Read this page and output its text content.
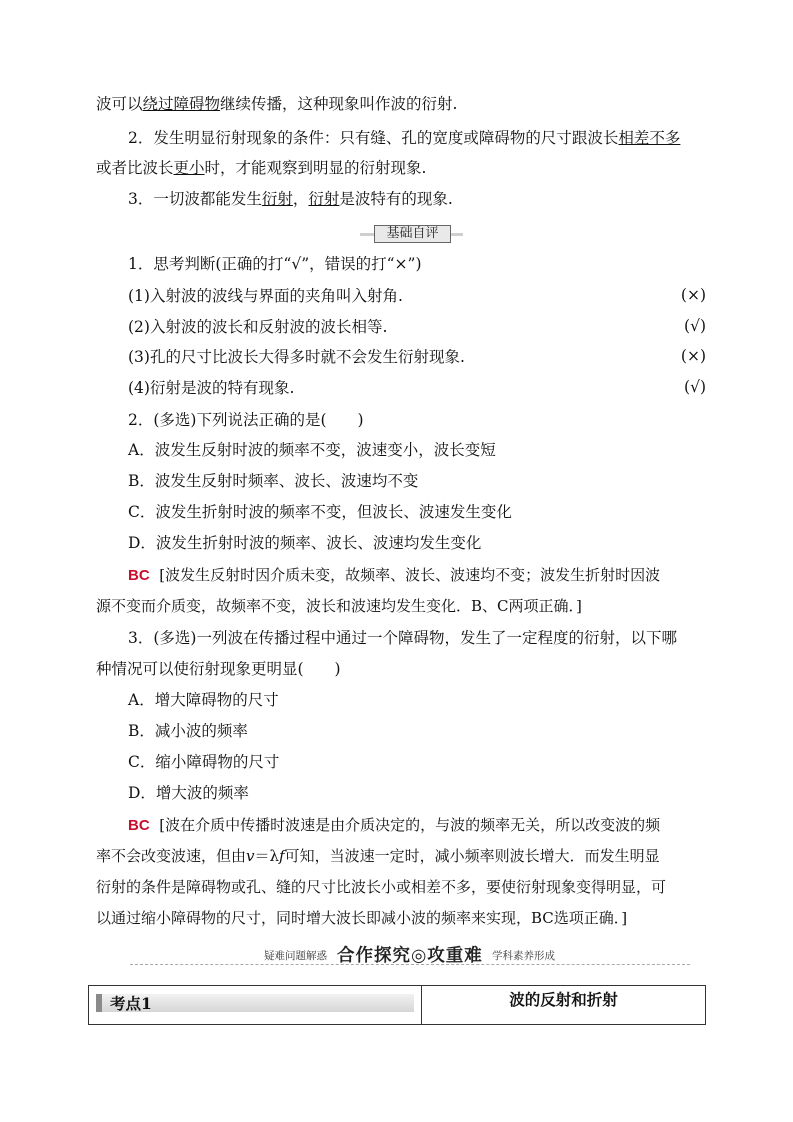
波可以绕过障碍物继续传播，这种现象叫作波的衍射.
2．发生明显衍射现象的条件：只有缝、孔的宽度或障碍物的尺寸跟波长相差不多
或者比波长更小时，才能观察到明显的衍射现象.
3．一切波都能发生衍射，衍射是波特有的现象.
基础自评
1．思考判断(正确的打“√”，错误的打“×”)
(1)入射波的波线与界面的夹角叫入射角.	(×)
(2)入射波的波长和反射波的波长相等.	(√)
(3)孔的尺寸比波长大得多时就不会发生衍射现象.	(×)
(4)衍射是波的特有现象.	(√)
2．(多选)下列说法正确的是(　　)
A．波发生反射时波的频率不变，波速变小，波长变短
B．波发生反射时频率、波长、波速均不变
C．波发生折射时波的频率不变，但波长、波速发生变化
D．波发生折射时波的频率、波长、波速均发生变化
BC [波发生反射时因介质未变，故频率、波长、波速均不变；波发生折射时因波
源不变而介质变，故频率不变，波长和波速均发生变化．B、C两项正确．]
3．(多选)一列波在传播过程中通过一个障碍物，发生了一定程度的衍射，以下哪
种情况可以使衍射现象更明显(　　)
A．增大障碍物的尺寸
B．减小波的频率
C．缩小障碍物的尺寸
D．增大波的频率
BC [波在介质中传播时波速是由介质决定的，与波的频率无关，所以改变波的频
率不会改变波速，但由v＝λf可知，当波速一定时，减小频率则波长增大．而发生明显
衍射的条件是障碍物或孔、缝的尺寸比波长小或相差不多，要使衍射现象变得明显，可
以通过缩小障碍物的尺寸，同时增大波长即减小波的频率来实现，BC选项正确．]
疑难问题解惑 合作探究◎攻重难 学科素养形成
考点1	波的反射和折射
